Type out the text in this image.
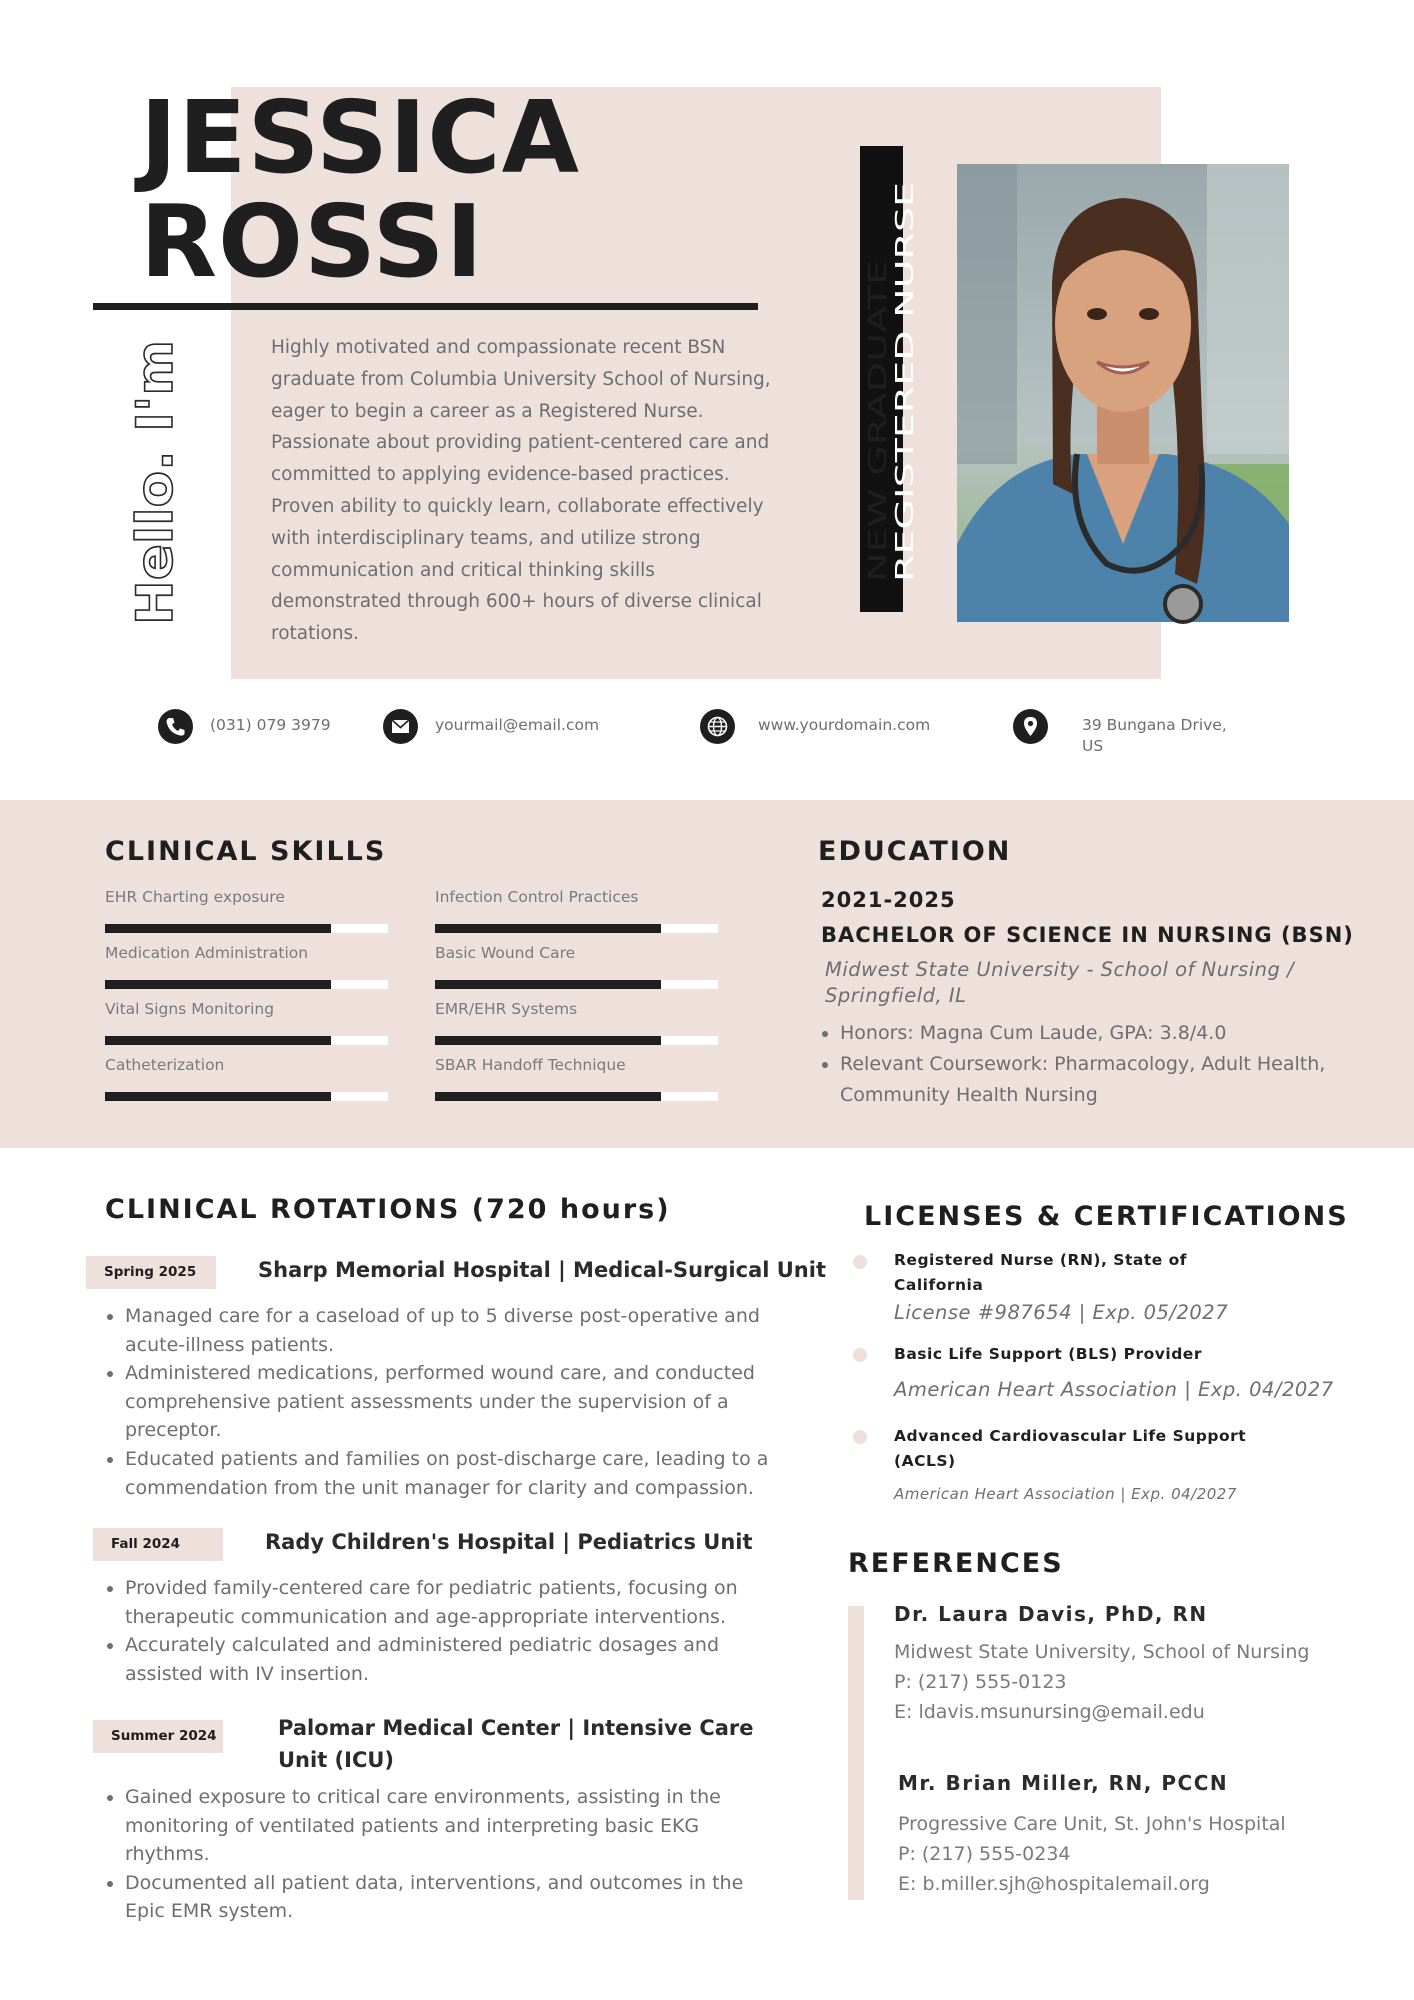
JESSICA
ROSSI
Hello. I'm

Highly motivated and compassionate recent BSN graduate from Columbia University School of Nursing, eager to begin a career as a Registered Nurse. Passionate about providing patient-centered care and committed to applying evidence-based practices. Proven ability to quickly learn, collaborate effectively with interdisciplinary teams, and utilize strong communication and critical thinking skills demonstrated through 600+ hours of diverse clinical rotations.

NEW GRADUATE
REGISTERED NURSE
(031) 079 3979	yourmail@email.com	www.yourdomain.com	39 Bungana Drive,
US
CLINICAL SKILLS
EHR Charting exposure
Medication Administration
Vital Signs Monitoring
Catheterization
Infection Control Practices
Basic Wound Care
EMR/EHR Systems
SBAR Handoff Technique
EDUCATION
2021-2025
BACHELOR OF SCIENCE IN NURSING (BSN)
Midwest State University - School of Nursing / Springfield, IL
• Honors: Magna Cum Laude, GPA: 3.8/4.0
• Relevant Coursework: Pharmacology, Adult Health, Community Health Nursing
CLINICAL ROTATIONS (720 hours)
Spring 2025	Sharp Memorial Hospital | Medical-Surgical Unit
• Managed care for a caseload of up to 5 diverse post-operative and acute-illness patients.
• Administered medications, performed wound care, and conducted comprehensive patient assessments under the supervision of a preceptor.
• Educated patients and families on post-discharge care, leading to a commendation from the unit manager for clarity and compassion.
Fall 2024	Rady Children's Hospital | Pediatrics Unit
• Provided family-centered care for pediatric patients, focusing on therapeutic communication and age-appropriate interventions.
• Accurately calculated and administered pediatric dosages and assisted with IV insertion.
Summer 2024	Palomar Medical Center | Intensive Care Unit (ICU)
• Gained exposure to critical care environments, assisting in the monitoring of ventilated patients and interpreting basic EKG rhythms.
• Documented all patient data, interventions, and outcomes in the Epic EMR system.
LICENSES & CERTIFICATIONS
Registered Nurse (RN), State of California
License #987654 | Exp. 05/2027
Basic Life Support (BLS) Provider
American Heart Association | Exp. 04/2027
Advanced Cardiovascular Life Support (ACLS)
American Heart Association | Exp. 04/2027
REFERENCES
Dr. Laura Davis, PhD, RN
Midwest State University, School of Nursing
P: (217) 555-0123
E: ldavis.msunursing@email.edu
Mr. Brian Miller, RN, PCCN
Progressive Care Unit, St. John's Hospital
P: (217) 555-0234
E: b.miller.sjh@hospitalemail.org
